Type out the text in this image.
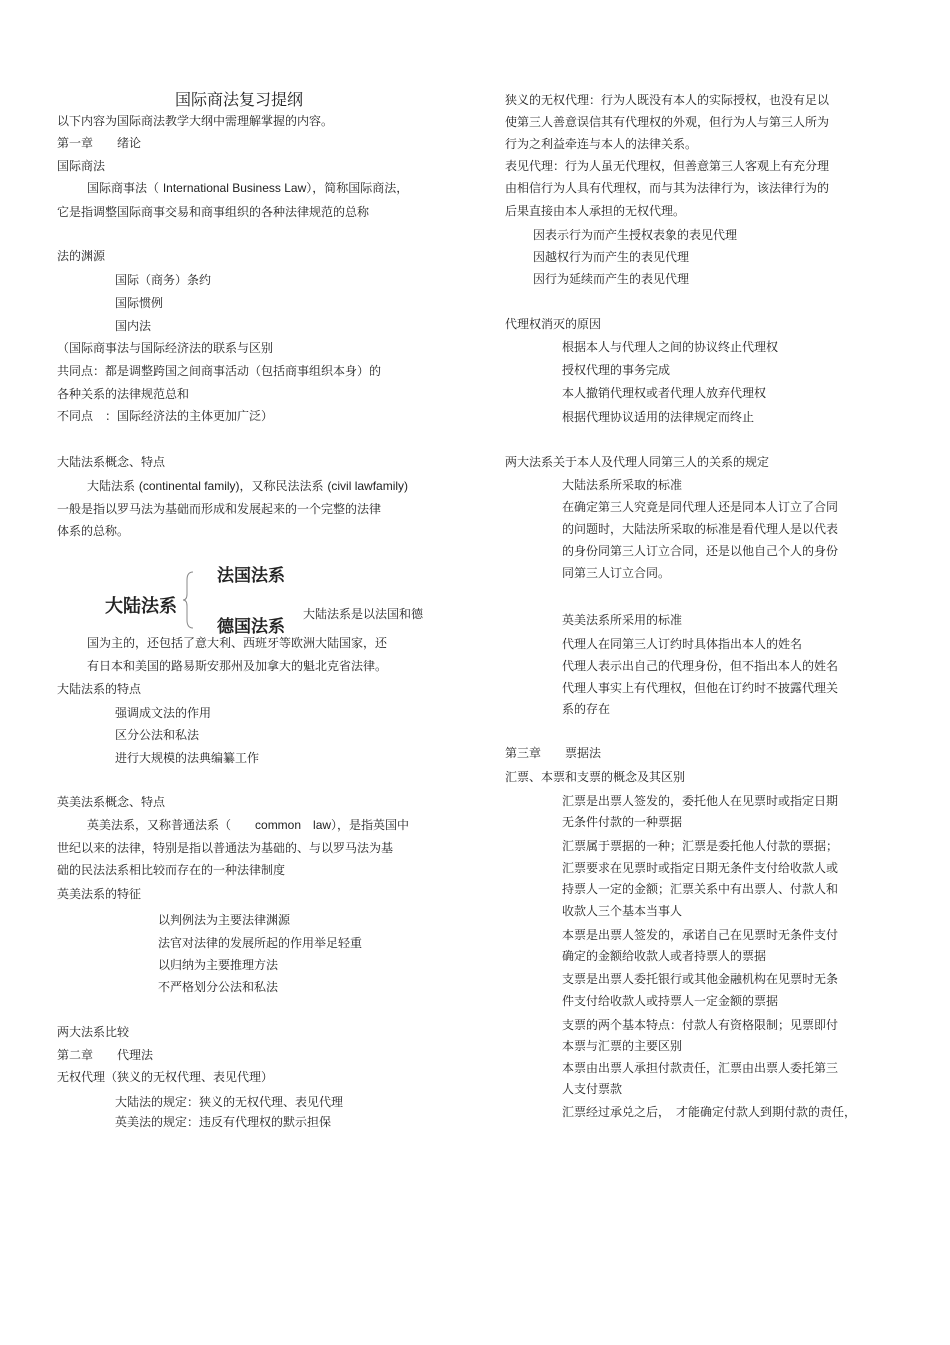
国际商法复习提纲
以下内容为国际商法教学大纲中需理解掌握的内容。
第一章　　绪论
国际商法
国际商事法（ International Business Law），简称国际商法，
它是指调整国际商事交易和商事组织的各种法律规范的总称
法的渊源
国际（商务）条约
国际惯例
国内法
（国际商事法与国际经济法的联系与区别
共同点：都是调整跨国之间商事活动（包括商事组织本身）的
各种关系的法律规范总和
不同点　：国际经济法的主体更加广泛）
大陆法系概念、特点
大陆法系 (continental family)，又称民法法系 (civil lawfamily)
一般是指以罗马法为基础而形成和发展起来的一个完整的法律
体系的总称。
大陆法系
法国法系
德国法系
大陆法系是以法国和德
国为主的，还包括了意大利、西班牙等欧洲大陆国家，还
有日本和美国的路易斯安那州及加拿大的魁北克省法律。
大陆法系的特点
强调成文法的作用
区分公法和私法
进行大规模的法典编纂工作
英美法系概念、特点
英美法系，又称普通法系（　　common　law），是指英国中
世纪以来的法律，特别是指以普通法为基础的、与以罗马法为基
础的民法法系相比较而存在的一种法律制度
英美法系的特征
以判例法为主要法律渊源
法官对法律的发展所起的作用举足轻重
以归纳为主要推理方法
不严格划分公法和私法
两大法系比较
第二章　　代理法
无权代理（狭义的无权代理、表见代理）
大陆法的规定：狭义的无权代理、表见代理
英美法的规定：违反有代理权的默示担保
狭义的无权代理：行为人既没有本人的实际授权，也没有足以
使第三人善意误信其有代理权的外观，但行为人与第三人所为
行为之利益牵连与本人的法律关系。
表见代理：行为人虽无代理权，但善意第三人客观上有充分理
由相信行为人具有代理权，而与其为法律行为，该法律行为的
后果直接由本人承担的无权代理。
因表示行为而产生授权表象的表见代理
因越权行为而产生的表见代理
因行为延续而产生的表见代理
代理权消灭的原因
根据本人与代理人之间的协议终止代理权
授权代理的事务完成
本人撤销代理权或者代理人放弃代理权
根据代理协议适用的法律规定而终止
两大法系关于本人及代理人同第三人的关系的规定
大陆法系所采取的标准
在确定第三人究竟是同代理人还是同本人订立了合同
的问题时，大陆法所采取的标准是看代理人是以代表
的身份同第三人订立合同，还是以他自己个人的身份
同第三人订立合同。
英美法系所采用的标准
代理人在同第三人订约时具体指出本人的姓名
代理人表示出自己的代理身份，但不指出本人的姓名
代理人事实上有代理权，但他在订约时不披露代理关
系的存在
第三章　　票据法
汇票、本票和支票的概念及其区别
汇票是出票人签发的，委托他人在见票时或指定日期
无条件付款的一种票据
汇票属于票据的一种；汇票是委托他人付款的票据；
汇票要求在见票时或指定日期无条件支付给收款人或
持票人一定的金额；汇票关系中有出票人、付款人和
收款人三个基本当事人
本票是出票人签发的，承诺自己在见票时无条件支付
确定的金额给收款人或者持票人的票据
支票是出票人委托银行或其他金融机构在见票时无条
件支付给收款人或持票人一定金额的票据
支票的两个基本特点：付款人有资格限制；见票即付
本票与汇票的主要区别
本票由出票人承担付款责任，汇票由出票人委托第三
人支付票款
汇票经过承兑之后，　才能确定付款人到期付款的责任，
